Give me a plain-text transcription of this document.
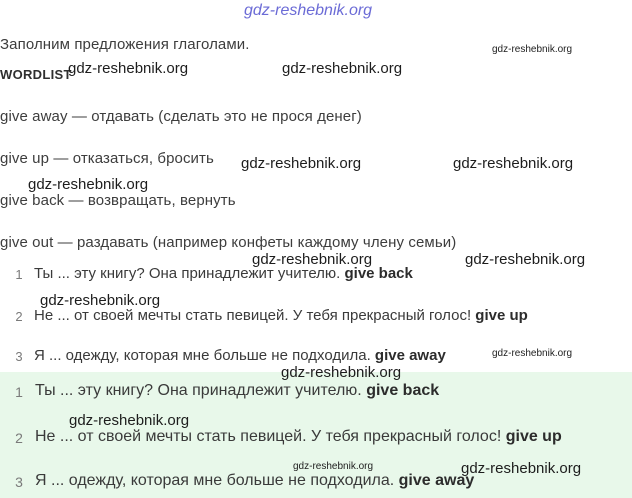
gdz-reshebnik.org
Заполним предложения глаголами.
WORDLIST
give away — отдавать (сделать это не прося денег)
give up — отказаться, бросить
give back — возвращать, вернуть
give out — раздавать (например конфеты каждому члену семьи)
1 Ты ... эту книгу? Она принадлежит учителю. give back
2 Не ... от своей мечты стать певицей. У тебя прекрасный голос! give up
3 Я ... одежду, которая мне больше не подходила. give away
1 Ты ... эту книгу? Она принадлежит учителю. give back
2 Не ... от своей мечты стать певицей. У тебя прекрасный голос! give up
3 Я ... одежду, которая мне больше не подходила. give away
gdz-reshebnik.org
gdz-reshebnik.org	gdz-reshebnik.org
gdz-reshebnik.org	gdz-reshebnik.org
gdz-reshebnik.org
gdz-reshebnik.org	gdz-reshebnik.org
gdz-reshebnik.org
gdz-reshebnik.org
gdz-reshebnik.org
gdz-reshebnik.org
gdz-reshebnik.org	gdz-reshebnik.org
